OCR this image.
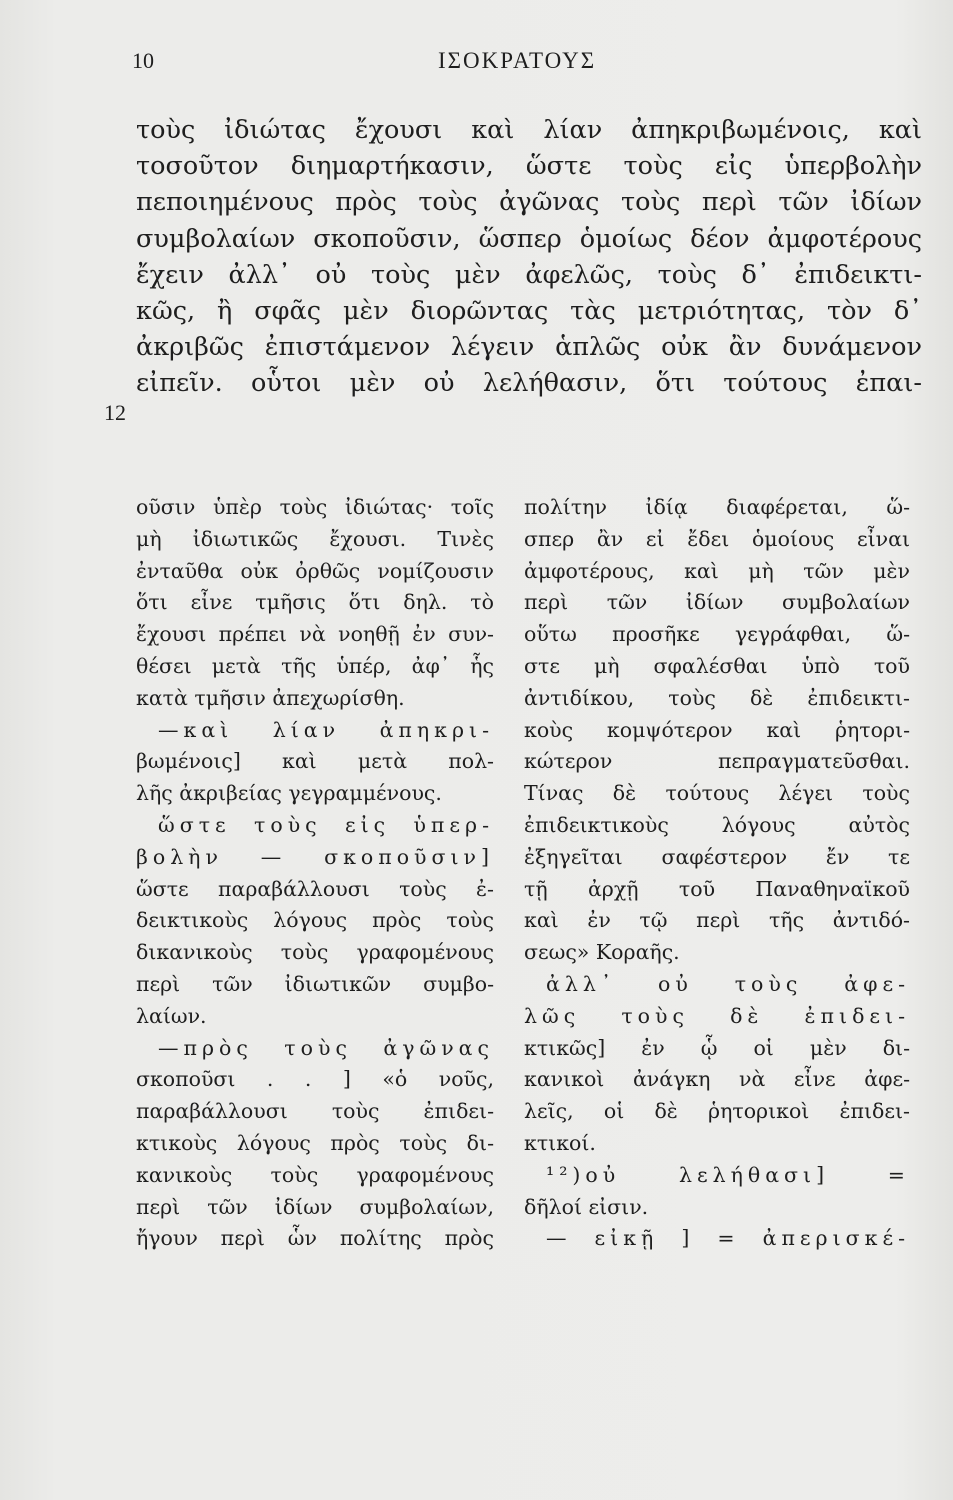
10	ΙΣΟΚΡΑΤΟΥΣ
12
τοὺς ἰδιώτας ἔχουσι καὶ λίαν ἀπηκριβωμένοις, καὶ
τοσοῦτον διημαρτήκασιν, ὥστε τοὺς εἰς ὑπερβολὴν
πεποιημένους πρὸς τοὺς ἀγῶνας τοὺς περὶ τῶν ἰδίων
συμβολαίων σκοποῦσιν, ὥσπερ ὁμοίως δέον ἀμφοτέρους
ἔχειν ἀλλ᾽ οὐ τοὺς μὲν ἀφελῶς, τοὺς δ᾽ ἐπιδεικτι-
κῶς, ἢ σφᾶς μὲν διορῶντας τὰς μετριότητας, τὸν δ᾽
ἀκριβῶς ἐπιστάμενον λέγειν ἁπλῶς οὐκ ἂν δυνάμενον
εἰπεῖν. οὗτοι μὲν οὐ λελήθασιν, ὅτι τούτους ἐπαι-
οῦσιν ὑπὲρ τοὺς ἰδιώτας· τοῖς
μὴ ἰδιωτικῶς ἔχουσι. Τινὲς
ἐνταῦθα οὐκ ὀρθῶς νομίζουσιν
ὅτι εἶνε τμῆσις ὅτι δηλ. τὸ
ἔχουσι πρέπει νὰ νοηθῇ ἐν συν-
θέσει μετὰ τῆς ὑπέρ, ἀφ᾽ ἧς
κατὰ τμῆσιν ἀπεχωρίσθη.
—καὶ λίαν ἀπηκρι-
βωμένοις] καὶ μετὰ πολ-
λῆς ἀκριβείας γεγραμμένους.
ὥστε τοὺς εἰς ὑπερ-
βολὴν — σκοποῦσιν]
ὥστε παραβάλλουσι τοὺς ἐ-
δεικτικοὺς λόγους πρὸς τοὺς
δικανικοὺς τοὺς γραφομένους
περὶ τῶν ἰδιωτικῶν συμβο-
λαίων.
—πρὸς τοὺς ἀγῶνας
σκοποῦσι . . ] «ὁ νοῦς,
παραβάλλουσι τοὺς ἐπιδει-
κτικοὺς λόγους πρὸς τοὺς δι-
κανικοὺς τοὺς γραφομένους
περὶ τῶν ἰδίων συμβολαίων,
ἤγουν περὶ ὧν πολίτης πρὸς
πολίτην ἰδίᾳ διαφέρεται, ὥ-
σπερ ἂν εἰ ἔδει ὁμοίους εἶναι
ἀμφοτέρους, καὶ μὴ τῶν μὲν
περὶ τῶν ἰδίων συμβολαίων
οὕτω προσῆκε γεγράφθαι, ὥ-
στε μὴ σφαλέσθαι ὑπὸ τοῦ
ἀντιδίκου, τοὺς δὲ ἐπιδεικτι-
κοὺς κομψότερον καὶ ῥητορι-
κώτερον πεπραγματεῦσθαι.
Τίνας δὲ τούτους λέγει τοὺς
ἐπιδεικτικοὺς λόγους αὐτὸς
ἐξηγεῖται σαφέστερον ἔν τε
τῇ ἀρχῇ τοῦ Παναθηναϊκοῦ
καὶ ἐν τῷ περὶ τῆς ἀντιδό-
σεως» Κοραῆς.
ἀλλ᾽ οὐ τοὺς ἀφε-
λῶς τοὺς δὲ ἐπιδει-
κτικῶς] ἐν ᾧ οἱ μὲν δι-
κανικοὶ ἀνάγκη νὰ εἶνε ἀφε-
λεῖς, οἱ δὲ ῥητορικοὶ ἐπιδει-
κτικοί.
¹²)οὐ λελήθασι] =
δῆλοί εἰσιν.
— εἰκῇ ] = ἀπερισκέ-
